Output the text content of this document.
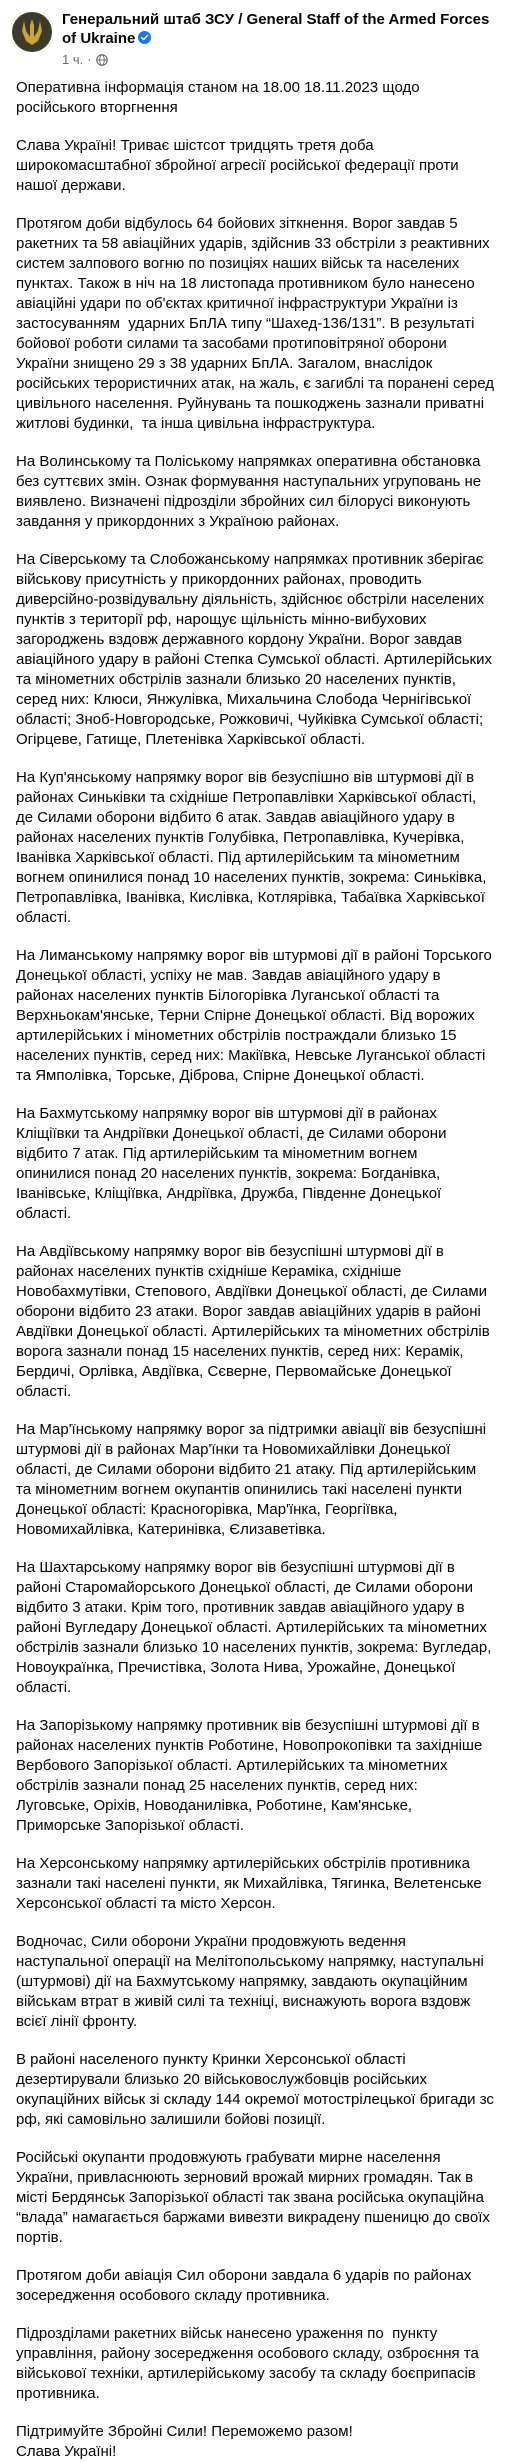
Генеральний штаб ЗСУ / General Staff of the Armed Forces of Ukraine
1 ч. ·

Оперативна інформація станом на 18.00 18.11.2023 щодо російського вторгнення

Слава Україні! Триває шістсот тридцять третя доба широкомасштабної збройної агресії російської федерації проти нашої держави.

Протягом доби відбулось 64 бойових зіткнення. Ворог завдав 5 ракетних та 58 авіаційних ударів, здійснив 33 обстріли з реактивних систем залпового вогню по позиціях наших військ та населених пунктах. Також в ніч на 18 листопада противником було нанесено авіаційні удари по об'єктах критичної інфраструктури України із застосуванням  ударних БпЛА типу “Шахед-136/131”. В результаті бойової роботи силами та засобами протиповітряної оборони України знищено 29 з 38 ударних БпЛА. Загалом, внаслідок російських терористичних атак, на жаль, є загиблі та поранені серед цивільного населення. Руйнувань та пошкоджень зазнали приватні житлові будинки,  та інша цивільна інфраструктура.

На Волинському та Поліському напрямках оперативна обстановка без суттєвих змін. Ознак формування наступальних угруповань не виявлено. Визначені підрозділи збройних сил білорусі виконують завдання у прикордонних з Україною районах.

На Сіверському та Слобожанському напрямках противник зберігає військову присутність у прикордонних районах, проводить диверсійно-розвідувальну діяльність, здійснює обстріли населених пунктів з території рф, нарощує щільність мінно-вибухових загороджень вздовж державного кордону України. Ворог завдав авіаційного удару в районі Степка Сумської області. Артилерійських та мінометних обстрілів зазнали близько 20 населених пунктів, серед них: Клюси, Янжулівка, Михальчина Слобода Чернігівської області; Зноб-Новгородське, Рожковичі, Чуйківка Сумської області; Огірцеве, Гатище, Плетенівка Харківської області.

На Куп'янському напрямку ворог вів безуспішно вів штурмові дії в районах Синьківки та східніше Петропавлівки Харківської області, де Силами оборони відбито 6 атак. Завдав авіаційного удару в районах населених пунктів Голубівка, Петропавлівка, Кучерівка, Іванівка Харківської області. Під артилерійським та мінометним вогнем опинилися понад 10 населених пунктів, зокрема: Синьківка, Петропавлівка, Іванівка, Кислівка, Котлярівка, Табаївка Харківської області.

На Лиманському напрямку ворог вів штурмові дії в районі Торського Донецької області, успіху не мав. Завдав авіаційного удару в районах населених пунктів Білогорівка Луганської області та Верхньокам'янське, Терни Спірне Донецької області. Від ворожих артилерійських і мінометних обстрілів постраждали близько 15 населених пунктів, серед них: Макіївка, Невське Луганської області та Ямполівка, Торське, Діброва, Спірне Донецької області.

На Бахмутському напрямку ворог вів штурмові дії в районах Кліщіївки та Андріївки Донецької області, де Силами оборони відбито 7 атак. Під артилерійським та мінометним вогнем опинилися понад 20 населених пунктів, зокрема: Богданівка, Іванівське, Кліщіївка, Андріївка, Дружба, Південне Донецької області.

На Авдіївському напрямку ворог вів безуспішні штурмові дії в районах населених пунктів східніше Кераміка, східніше Новобахмутівки, Степового, Авдіївки Донецької області, де Силами оборони відбито 23 атаки. Ворог завдав авіаційних ударів в районі Авдіївки Донецької області. Артилерійських та мінометних обстрілів ворога зазнали понад 15 населених пунктів, серед них: Керамік, Бердичі, Орлівка, Авдіївка, Сєверне, Первомайське Донецької області.

На Мар'їнському напрямку ворог за підтримки авіації вів безуспішні штурмові дії в районах Мар'їнки та Новомихайлівки Донецької області, де Силами оборони відбито 21 атаку. Під артилерійським та мінометним вогнем окупантів опинились такі населені пункти Донецької області: Красногорівка, Мар'їнка, Георгіївка, Новомихайлівка, Катеринівка, Єлизаветівка.

На Шахтарському напрямку ворог вів безуспішні штурмові дії в районі Старомайорського Донецької області, де Силами оборони відбито 3 атаки. Крім того, противник завдав авіаційного удару в районі Вугледару Донецької області. Артилерійських та мінометних обстрілів зазнали близько 10 населених пунктів, зокрема: Вугледар, Новоукраїнка, Пречистівка, Золота Нива, Урожайне, Донецької області.

На Запорізькому напрямку противник вів безуспішні штурмові дії в районах населених пунктів Роботине, Новопрокопівки та західніше Вербового Запорізької області. Артилерійських та мінометних обстрілів зазнали понад 25 населених пунктів, серед них: Луговське, Оріхів, Новоданилівка, Роботине, Кам'янське, Приморське Запорізької області.

На Херсонському напрямку артилерійських обстрілів противника зазнали такі населені пункти, як Михайлівка, Тягинка, Велетенське Херсонської області та місто Херсон.

Водночас, Сили оборони України продовжують ведення наступальної операції на Мелітопольському напрямку, наступальні (штурмові) дії на Бахмутському напрямку, завдають окупаційним військам втрат в живій силі та техніці, виснажують ворога вздовж всієї лінії фронту.

В районі населеного пункту Кринки Херсонської області дезертирували близько 20 військовослужбовців російських окупаційних військ зі складу 144 окремої мотострілецької бригади зс рф, які самовільно залишили бойові позиції.

Російські окупанти продовжують грабувати мирне населення України, привласнюють зерновий врожай мирних громадян. Так в місті Бердянськ Запорізької області так звана російська окупаційна “влада” намагається баржами вивезти викрадену пшеницю до своїх портів.

Протягом доби авіація Сил оборони завдала 6 ударів по районах зосередження особового складу противника.

Підрозділами ракетних військ нанесено ураження по  пункту управління, району зосередження особового складу, озброєння та військової техніки, артилерійському засобу та складу боєприпасів противника.

Підтримуйте Збройні Сили! Переможемо разом!

Слава Україні!
